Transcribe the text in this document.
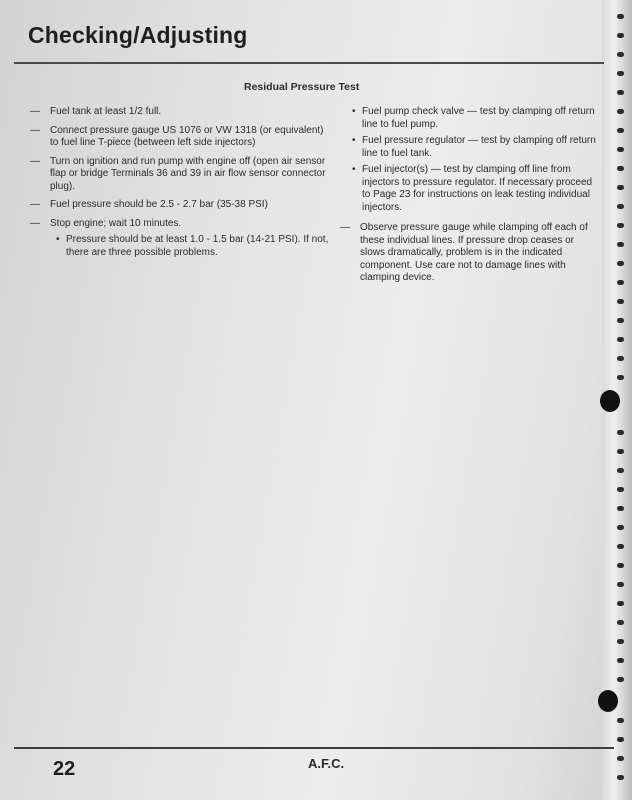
Checking/Adjusting
Residual Pressure Test
— Fuel tank at least 1/2 full.
— Connect pressure gauge US 1076 or VW 1318 (or equivalent) to fuel line T-piece (between left side injectors)
— Turn on ignition and run pump with engine off (open air sensor flap or bridge Terminals 36 and 39 in air flow sensor connector plug).
— Fuel pressure should be 2.5 - 2.7 bar (35-38 PSI)
— Stop engine; wait 10 minutes.
• Pressure should be at least 1.0 - 1.5 bar (14-21 PSI). If not, there are three possible problems.
• Fuel pump check valve — test by clamping off return line to fuel pump.
• Fuel pressure regulator — test by clamping off return line to fuel tank.
• Fuel injector(s) — test by clamping off line from injectors to pressure regulator. If necessary proceed to Page 23 for instructions on leak testing individual injectors.
— Observe pressure gauge while clamping off each of these individual lines. If pressure drop ceases or slows dramatically, problem is in the indicated component. Use care not to damage lines with clamping device.
22	A.F.C.
